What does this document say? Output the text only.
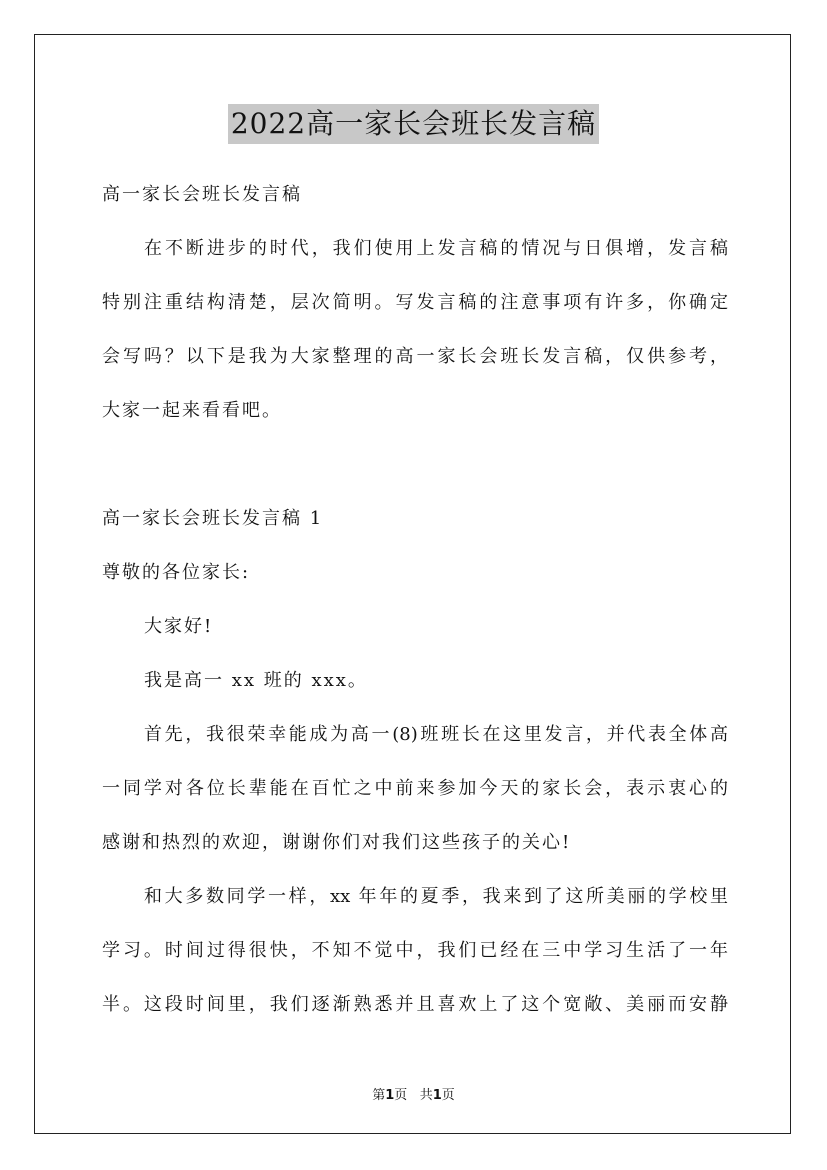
2022高一家长会班长发言稿
高一家长会班长发言稿
在不断进步的时代，我们使用上发言稿的情况与日俱增，发言稿
特别注重结构清楚，层次简明。写发言稿的注意事项有许多，你确定
会写吗？以下是我为大家整理的高一家长会班长发言稿，仅供参考，
大家一起来看看吧。
高一家长会班长发言稿 1
尊敬的各位家长:
大家好!
我是高一 xx 班的 xxx。
首先，我很荣幸能成为高一(8)班班长在这里发言，并代表全体高
一同学对各位长辈能在百忙之中前来参加今天的家长会，表示衷心的
感谢和热烈的欢迎，谢谢你们对我们这些孩子的关心!
和大多数同学一样，xx 年年的夏季，我来到了这所美丽的学校里
学习。时间过得很快，不知不觉中，我们已经在三中学习生活了一年
半。这段时间里，我们逐渐熟悉并且喜欢上了这个宽敞、美丽而安静
第1页 共1页
